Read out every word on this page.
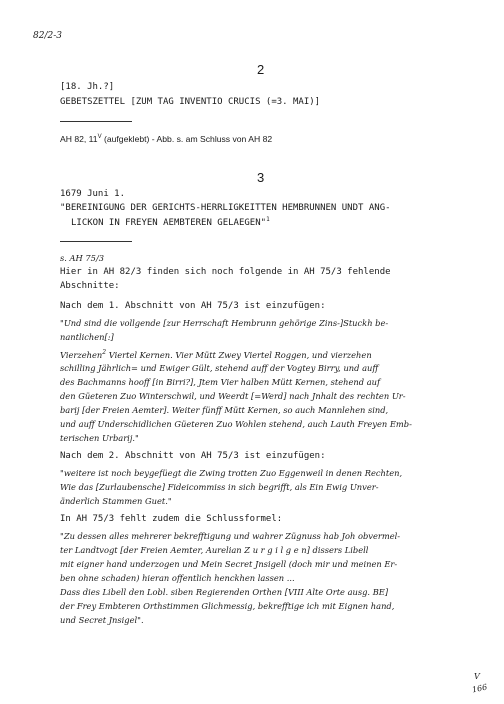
82/2-3
2
[18. Jh.?]
GEBETSZETTEL [ZUM TAG INVENTIO CRUCIS (=3. MAI)]
AH 82, $11^V$ (aufgeklebt) - Abb. s. am Schluss von AH 82
3
1679 Juni 1.
"BEREINIGUNG DER GERICHTS-HERRLIGKEITTEN HEMBRUNNEN UNDT ANG-
LICKON IN FREYEN AEMBTEREN GELAEGEN"$^1$
s. AH 75/3
Hier in AH 82/3 finden sich noch folgende in AH 75/3 fehlende
Abschnitte:
Nach dem 1. Abschnitt von AH 75/3 ist einzufügen:
"Und sind die vollgende [zur Herrschaft Hembrunn gehörige Zins-]Stuckh be-
nantlichen[:]
Vierzehen$^2$ Viertel Kernen. Vier Mütt Zwey Viertel Roggen, und vierzehen
schilling Jährlich= und Ewiger Gült, stehend auff der Vogtey Birry, und auff
des Bachmanns hooff [in Birri?], Jtem Vier halben Mütt Kernen, stehend auf
den Güeteren Zuo Winterschwil, und Weerdt [=Werd] nach Jnhalt des rechten Ur-
barij [der Freien Aemter]. Weiter fünff Mütt Kernen, so auch Mannlehen sind,
und auff Underschidlichen Güeteren Zuo Wohlen stehend, auch Lauth Freyen Emb-
terischen Urbarij."
Nach dem 2. Abschnitt von AH 75/3 ist einzufügen:
"weitere ist noch beygefüegt die Zwing trotten Zuo Eggenweil in denen Rechten,
Wie das [Zurlaubensche] Fideicommiss in sich begrifft, als Ein Ewig Unver-
änderlich Stammen Guet."
In AH 75/3 fehlt zudem die Schlussformel:
"Zu dessen alles mehrerer bekrefftigung und wahrer Zügnuss hab Joh obvermel-
ter Landtvogt [der Freien Aemter, Aurelian Z u r g i l g e n] dissers Libell
mit eigner hand underzogen und Mein Secret Jnsigell (doch mir und meinen Er-
ben ohne schaden) hieran offentlich henckhen lassen ...
Dass dies Libell den Lobl. siben Regierenden Orthen [VIII Alte Orte ausg. BE]
der Frey Embteren Orthstimmen Glichmessig, bekrefftige ich mit Eignen hand,
und Secret Jnsigel".
V
166
